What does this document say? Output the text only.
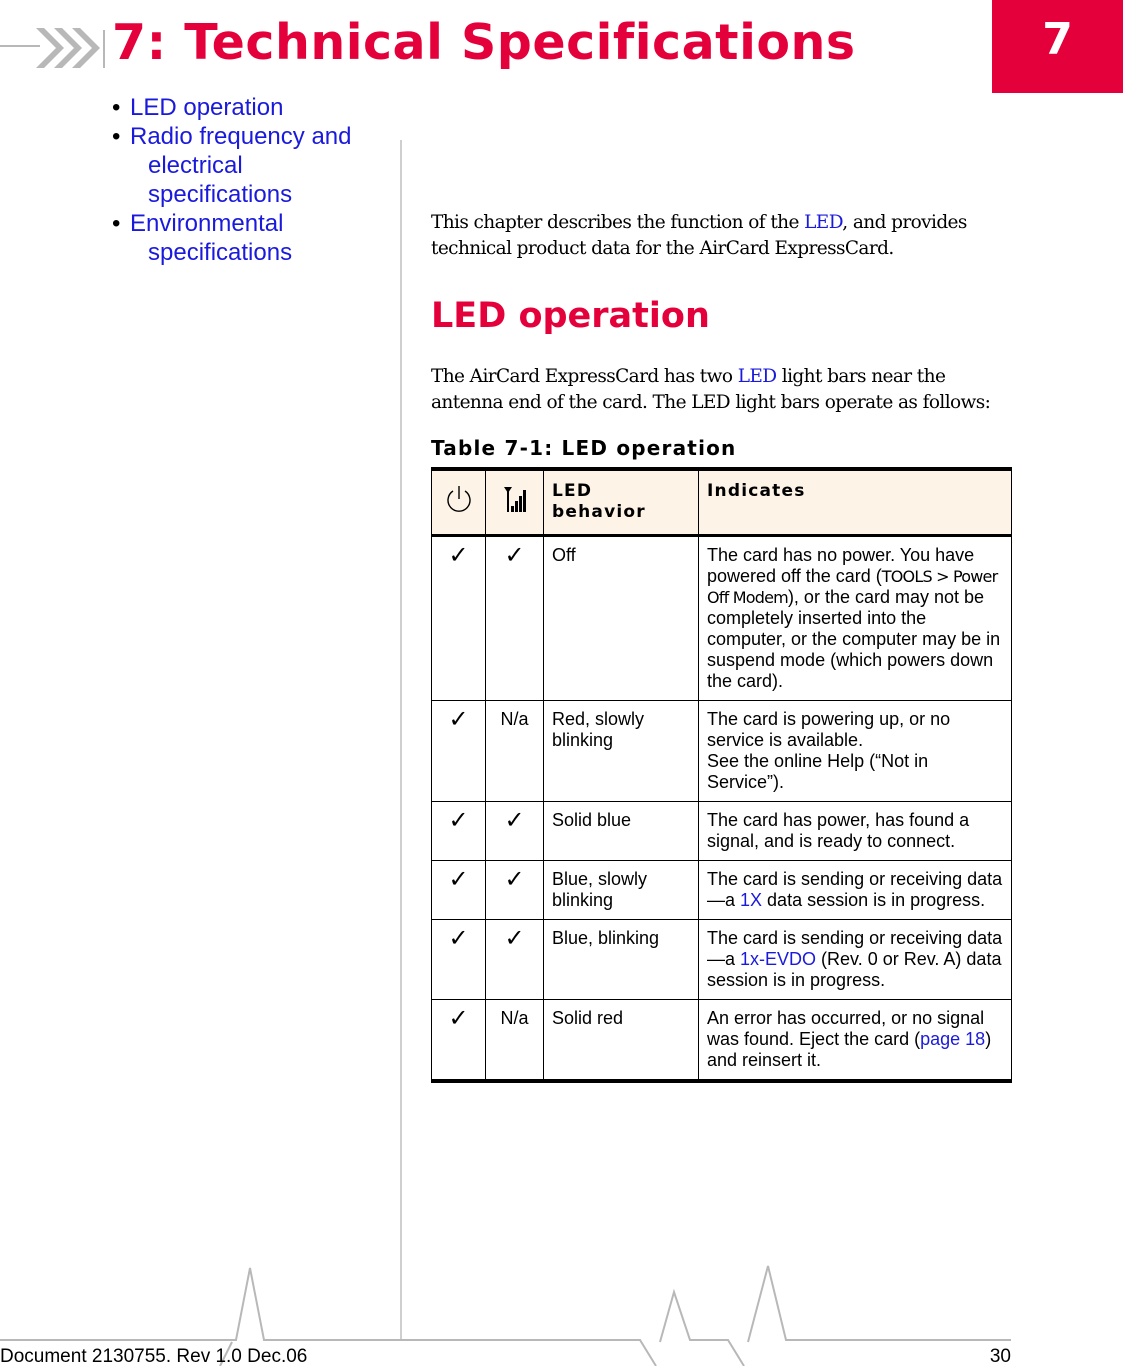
7: Technical Specifications	7
• LED operation
• Radio frequency and
electrical
specifications
• Environmental
specifications

This chapter describes the function of the LED, and provides technical product data for the AirCard ExpressCard.

LED operation

The AirCard ExpressCard has two LED light bars near the antenna end of the card. The LED light bars operate as follows:

Table 7-1: LED operation
		LED behavior	Indicates
✓	✓	Off	The card has no power. You have powered off the card (TOOLS > Power Off Modem), or the card may not be completely inserted into the computer, or the computer may be in suspend mode (which powers down the card).
✓	N/a	Red, slowly blinking	The card is powering up, or no service is available.
See the online Help (“Not in Service”).
✓	✓	Solid blue	The card has power, has found a signal, and is ready to connect.
✓	✓	Blue, slowly blinking	The card is sending or receiving data—a 1X data session is in progress.
✓	✓	Blue, blinking	The card is sending or receiving data—a 1x-EVDO (Rev. 0 or Rev. A) data session is in progress.
✓	N/a	Solid red	An error has occurred, or no signal was found. Eject the card (page 18) and reinsert it.
Document 2130755. Rev 1.0 Dec.06	30
